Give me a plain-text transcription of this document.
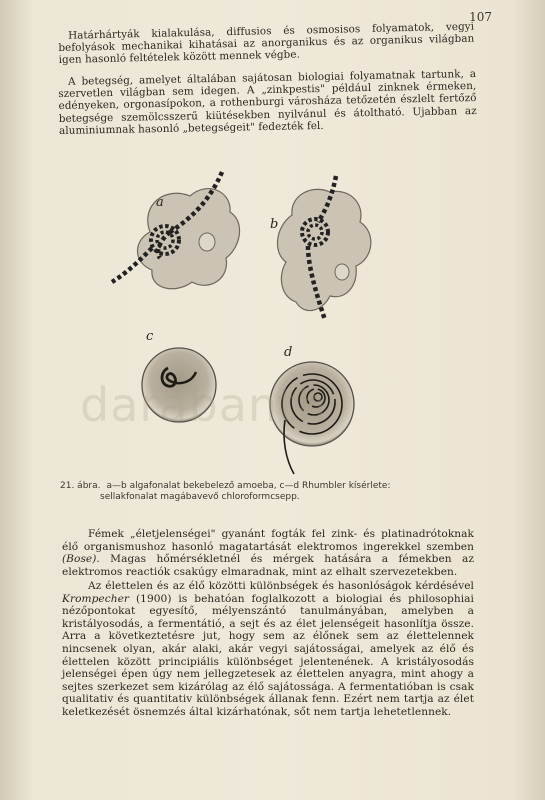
107

Határhártyák kialakulása, diffusios és osmosisos folyamatok, vegyi befolyások mechanikai kihatásai az anorganikus és az organikus világban igen hasonló feltételek között mennek végbe.

A betegség, amelyet általában sajátosan biologiai folyamatnak tartunk, a szervetlen világban sem idegen. A „zinkpestis" például zinknek érmeken, edényeken, orgonasípokon, a rothenburgi városháza tetőzetén észlelt fertőző betegsége szemölcsszerű kiütésekben nyilvánul és átoltható. Ujabban az aluminiumnak hasonló „betegségeit" fedezték fel.

a
b
c
d
darabanth
21. ábra. a—b algafonalat bekebelező amoeba, c—d Rhumbler kísérlete:
sellakfonalat magábavevő chloroformcsepp.

Fémek „életjelenségei" gyanánt fogták fel zink- és platinadrótoknak élő organismushoz hasonló magatartását elektromos ingerekkel szemben (Bose). Magas hőmérsékletnél és mérgek hatására a fémekben az elektromos reactiók csakúgy elmaradnak, mint az elhalt szervezetekben.

Az élettelen és az élő közötti különbségek és hasonlóságok kérdésével Krompecher (1900) is behatóan foglalkozott a biologiai és philosophiai nézőpontokat egyesítő, mélyenszántó tanulmányában, amelyben a kristályosodás, a fermentátió, a sejt és az élet jelenségeit hasonlítja össze. Arra a következtetésre jut, hogy sem az élőnek sem az élettelennek nincsenek olyan, akár alaki, akár vegyi sajátosságai, amelyek az élő és élettelen között principiális különbséget jelentenének. A kristályosodás jelenségei épen úgy nem jellegzetesek az élettelen anyagra, mint ahogy a sejtes szerkezet sem kizárólag az élő sajátossága. A fermentatióban is csak qualitativ és quantitativ különbségek állanak fenn. Ezért nem tartja az élet keletkezését ösnemzés által kizárhatónak, sőt nem tartja lehetetlennek.
